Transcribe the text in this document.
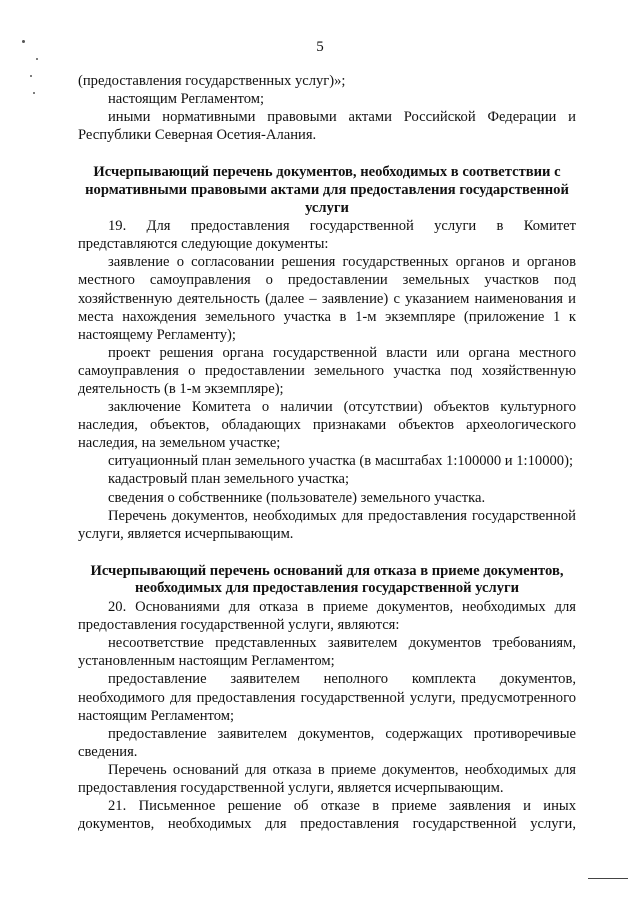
5
(предоставления государственных услуг)»;
настоящим Регламентом;
иными нормативными правовыми актами Российской Федерации и Республики Северная Осетия-Алания.
Исчерпывающий перечень документов, необходимых в соответствии с нормативными правовыми актами для предоставления государственной услуги
19. Для предоставления государственной услуги в Комитет представляются следующие документы:
заявление о согласовании решения государственных органов и органов местного самоуправления о предоставлении земельных участков под хозяйственную деятельность (далее – заявление) с указанием наименования и места нахождения земельного участка в 1-м экземпляре (приложение 1 к настоящему Регламенту);
проект решения органа государственной власти или органа местного самоуправления о предоставлении земельного участка под хозяйственную деятельность (в 1-м экземпляре);
заключение Комитета о наличии (отсутствии) объектов культурного наследия, объектов, обладающих признаками объектов археологического наследия, на земельном участке;
ситуационный план земельного участка (в масштабах 1:100000 и 1:10000);
кадастровый план земельного участка;
сведения о собственнике (пользователе) земельного участка.
Перечень документов, необходимых для предоставления государственной услуги, является исчерпывающим.
Исчерпывающий перечень оснований для отказа в приеме документов, необходимых для предоставления государственной услуги
20. Основаниями для отказа в приеме документов, необходимых для предоставления государственной услуги, являются:
несоответствие представленных заявителем документов требованиям, установленным настоящим Регламентом;
предоставление заявителем неполного комплекта документов, необходимого для предоставления государственной услуги, предусмотренного настоящим Регламентом;
предоставление заявителем документов, содержащих противоречивые сведения.
Перечень оснований для отказа в приеме документов, необходимых для предоставления государственной услуги, является исчерпывающим.
21. Письменное решение об отказе в приеме заявления и иных документов, необходимых для предоставления государственной услуги,
